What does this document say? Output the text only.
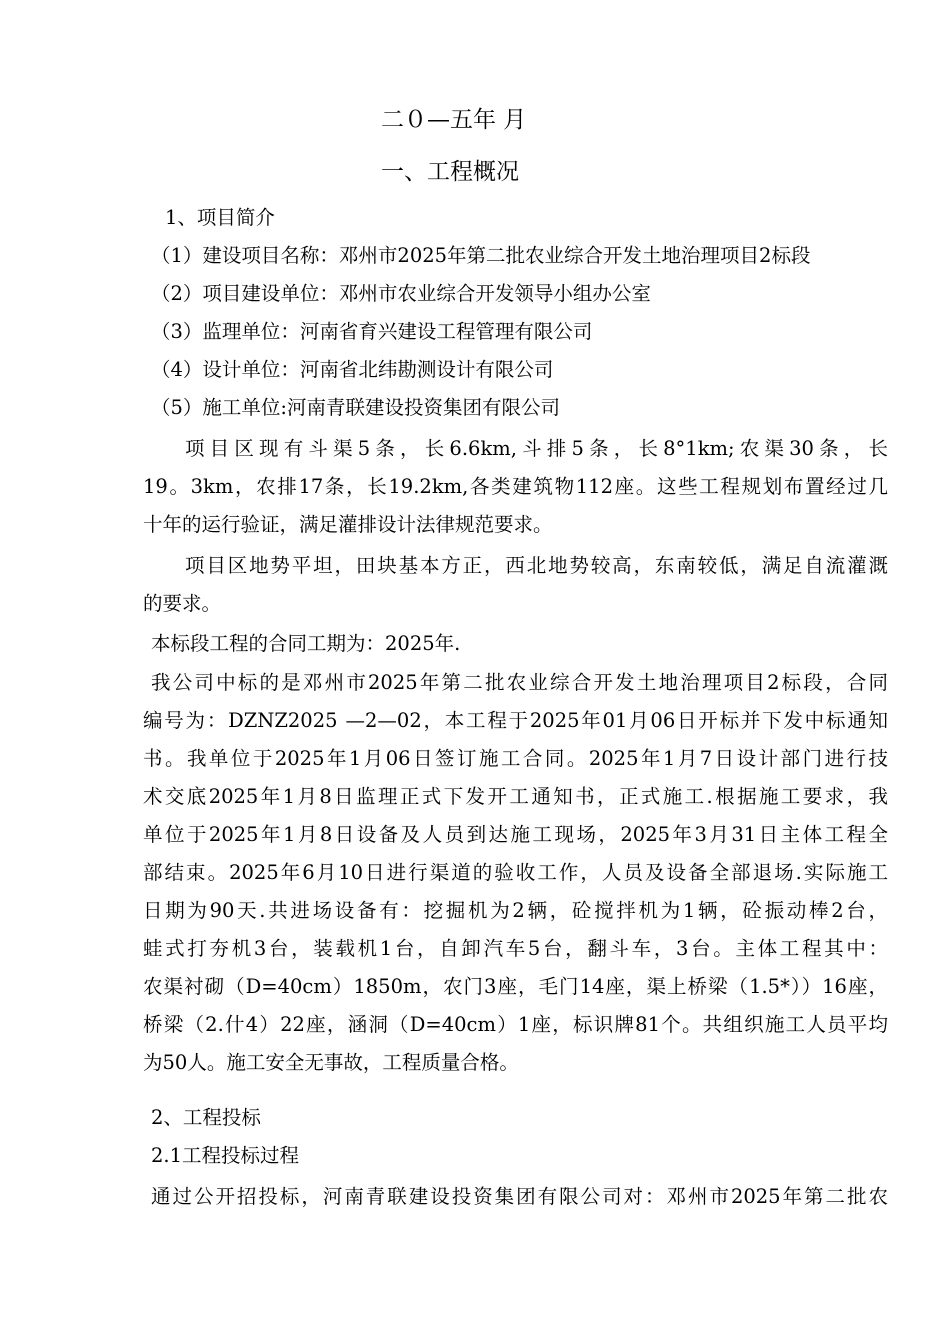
二０—五年 月
一、工程概况
1、项目简介
（1）建设项目名称：邓州市2025年第二批农业综合开发土地治理项目2标段
（2）项目建设单位：邓州市农业综合开发领导小组办公室
（3）监理单位：河南省育兴建设工程管理有限公司
（4）设计单位：河南省北纬勘测设计有限公司
（5）施工单位:河南青联建设投资集团有限公司
项目区现有斗渠5条，长6.6km,斗排5条，长8°1km;农渠30条，长
19。3km，农排17条，长19.2km,各类建筑物112座。这些工程规划布置经过几
十年的运行验证，满足灌排设计法律规范要求。
项目区地势平坦，田块基本方正，西北地势较高，东南较低，满足自流灌溉
的要求。
本标段工程的合同工期为：2025年.
我公司中标的是邓州市2025年第二批农业综合开发土地治理项目2标段，合同
编号为：DZNZ2025 —2—02，本工程于2025年01月06日开标并下发中标通知
书。我单位于2025年1月06日签订施工合同。2025年1月7日设计部门进行技
术交底2025年1月8日监理正式下发开工通知书，正式施工.根据施工要求，我
单位于2025年1月8日设备及人员到达施工现场，2025年3月31日主体工程全
部结束。2025年6月10日进行渠道的验收工作，人员及设备全部退场.实际施工
日期为90天.共进场设备有：挖掘机为2辆，砼搅拌机为1辆，砼振动棒2台，
蛙式打夯机3台，装载机1台，自卸汽车5台，翻斗车，3台。主体工程其中：
农渠衬砌（D=40cm）1850m，农门3座，毛门14座，渠上桥梁（1.5*））16座，
桥梁（2.什4）22座，涵洞（D=40cm）1座，标识牌81个。共组织施工人员平均
为50人。施工安全无事故，工程质量合格。
2、工程投标
2.1工程投标过程
通过公开招投标，河南青联建设投资集团有限公司对：邓州市2025年第二批农
